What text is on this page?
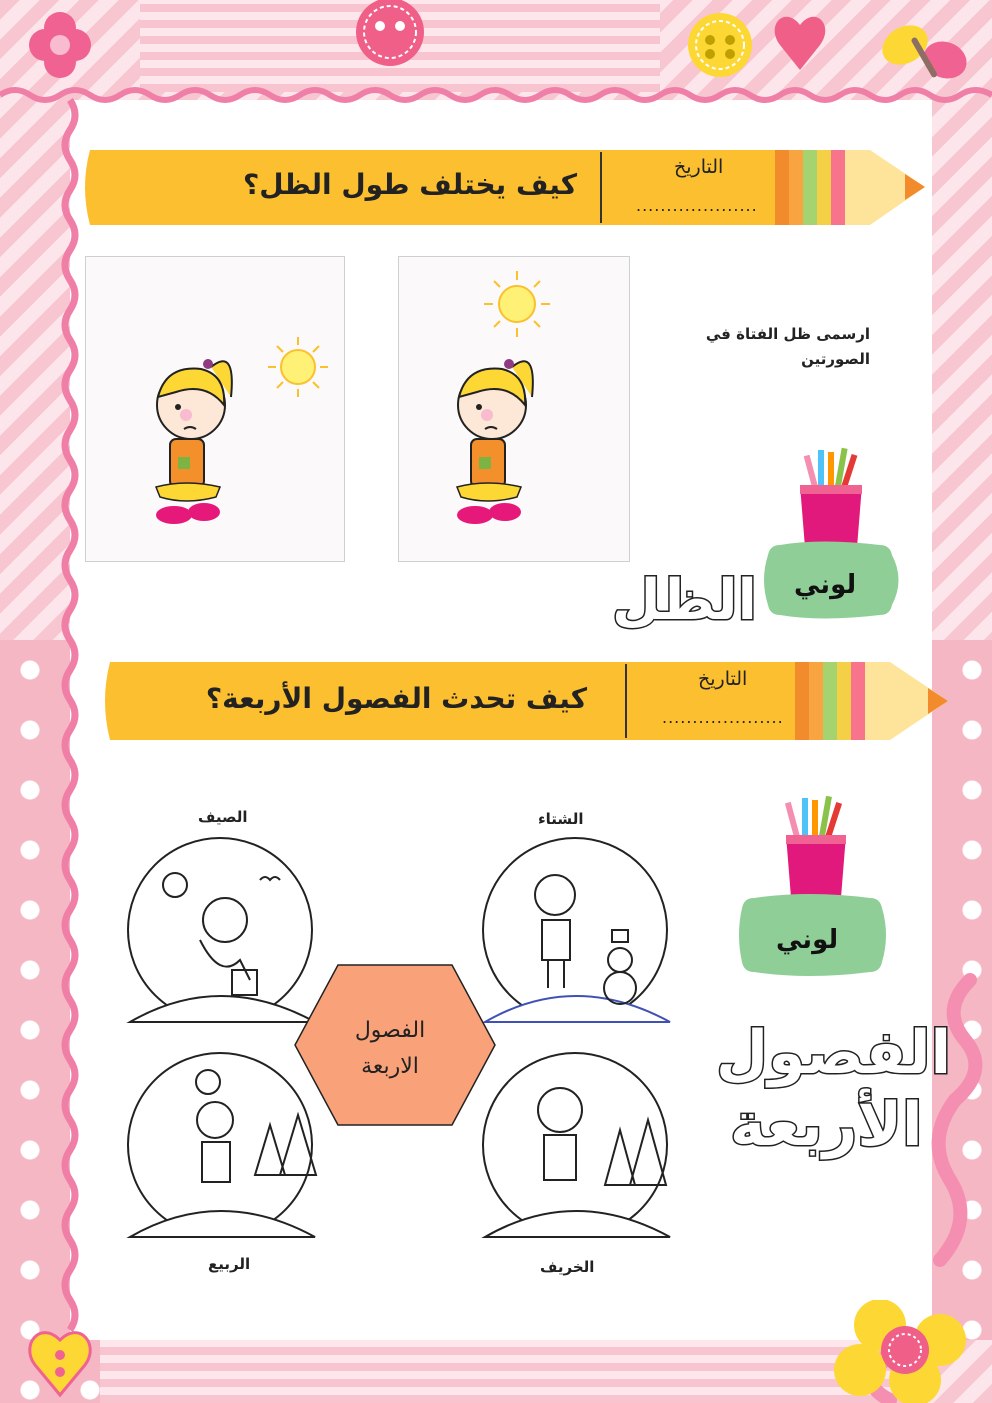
كيف يختلف طول الظل؟
التاريخ
....................
ارسمى ظل الفتاة في
الصورتين
لوني
الظل
كيف تحدث الفصول الأربعة؟
التاريخ
....................
لوني
الفصول
الأربعة
الفصول
الاربعة
الصيف	الشتاء
الربيع	الخريف
